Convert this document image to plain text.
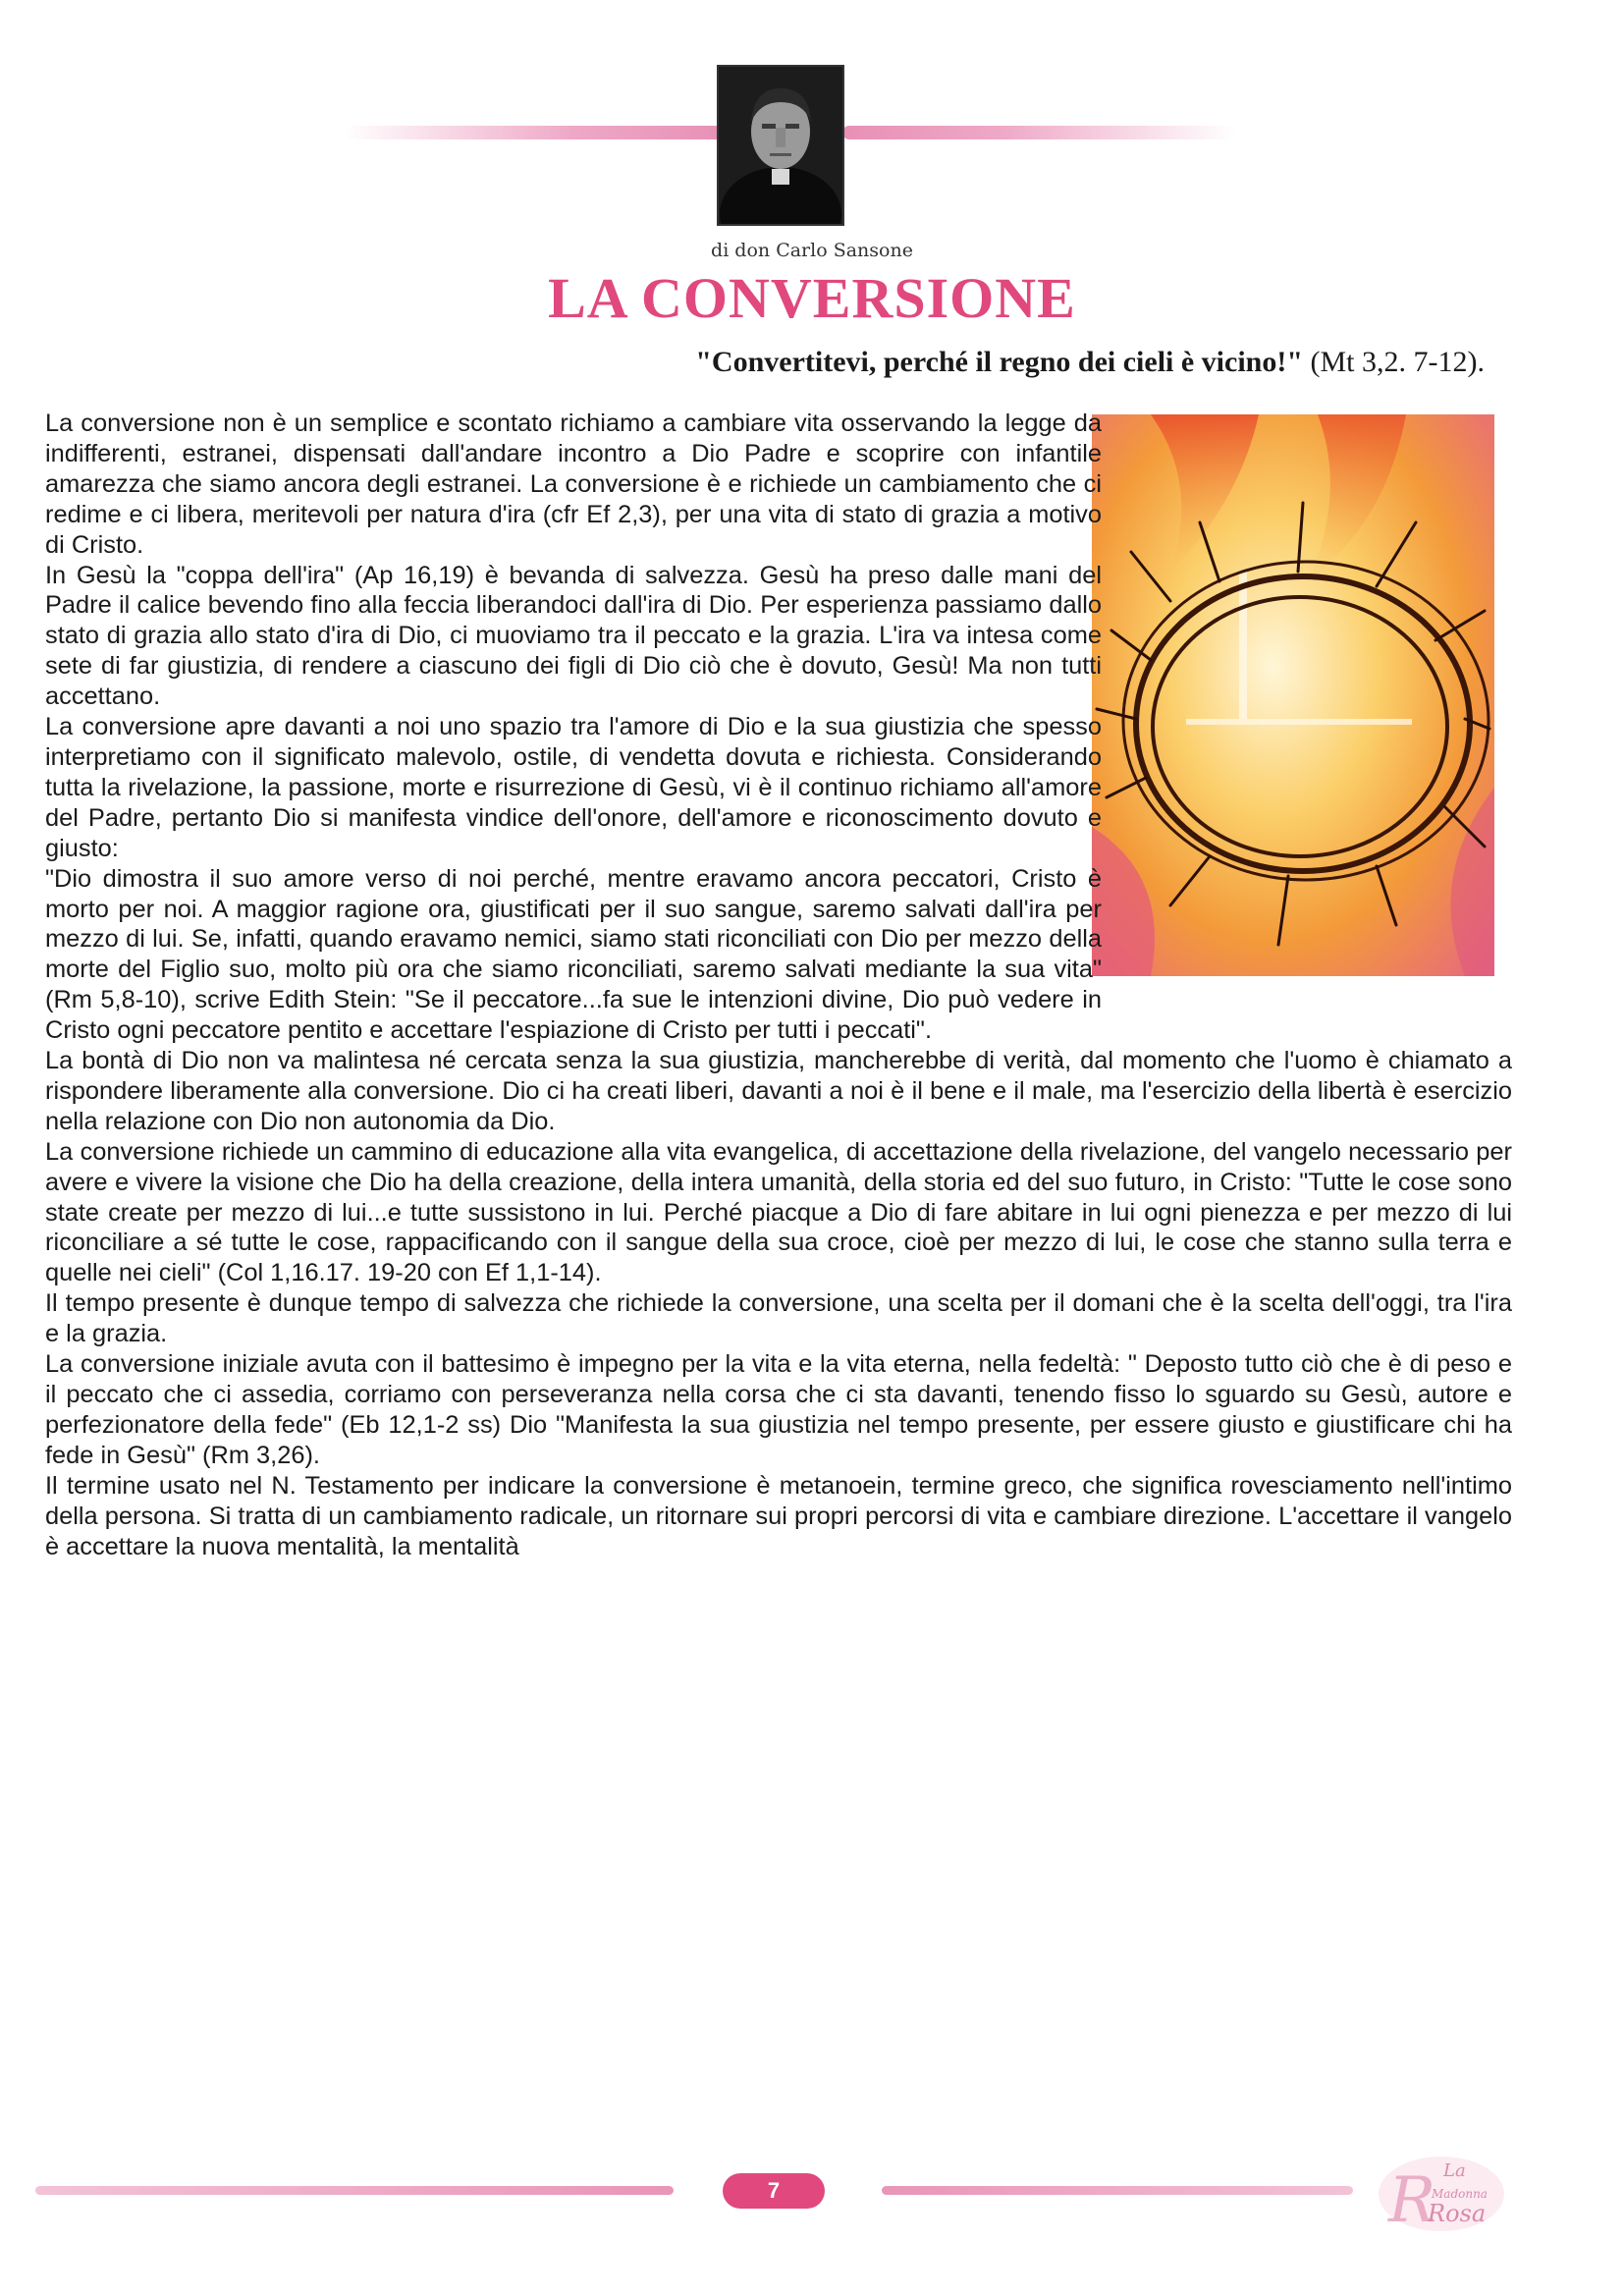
di don Carlo Sansone
LA CONVERSIONE
"Convertitevi, perché il regno dei cieli è vicino!" (Mt 3,2. 7-12).

La conversione non è un semplice e scontato richiamo a cambiare vita osservando la legge da indifferenti, estranei, dispensati dall'andare incontro a Dio Padre e scoprire con infantile amarezza che siamo ancora degli estranei. La conversione è e richiede un cambiamento che ci redime e ci libera, meritevoli per natura d'ira (cfr Ef 2,3), per una vita di stato di grazia a motivo di Cristo.

In Gesù la "coppa dell'ira" (Ap 16,19) è bevanda di salvezza. Gesù ha preso dalle mani del Padre il calice bevendo fino alla feccia liberandoci dall'ira di Dio. Per esperienza passiamo dallo stato di grazia allo stato d'ira di Dio, ci muoviamo tra il peccato e la grazia. L'ira va intesa come sete di far giustizia, di rendere a ciascuno dei figli di Dio ciò che è dovuto, Gesù! Ma non tutti accettano.

La conversione apre davanti a noi uno spazio tra l'amore di Dio e la sua giustizia che spesso interpretiamo con il significato malevolo, ostile, di vendetta dovuta e richiesta. Considerando tutta la rivelazione, la passione, morte e risurrezione di Gesù, vi è il continuo richiamo all'amore del Padre, pertanto Dio si manifesta vindice dell'onore, dell'amore e riconoscimento dovuto e giusto:

"Dio dimostra il suo amore verso di noi perché, mentre eravamo ancora peccatori, Cristo è morto per noi. A maggior ragione ora, giustificati per il suo sangue, saremo salvati dall'ira per mezzo di lui. Se, infatti, quando eravamo nemici, siamo stati riconciliati con Dio per mezzo della morte del Figlio suo, molto più ora che siamo riconciliati, saremo salvati mediante la sua vita" (Rm 5,8-10), scrive Edith Stein: "Se il peccatore...fa sue le intenzioni divine, Dio può vedere in Cristo ogni peccatore pentito e accettare l'espiazione di Cristo per tutti i peccati".

La bontà di Dio non va malintesa né cercata senza la sua giustizia, mancherebbe di verità, dal momento che l'uomo è chiamato a rispondere liberamente alla conversione. Dio ci ha creati liberi, davanti a noi è il bene e il male, ma l'esercizio della libertà è esercizio nella relazione con Dio non autonomia da Dio.

La conversione richiede un cammino di educazione alla vita evangelica, di accettazione della rivelazione, del vangelo necessario per avere e vivere la visione che Dio ha della creazione, della intera umanità, della storia ed del suo futuro, in Cristo: "Tutte le cose sono state create per mezzo di lui...e tutte sussistono in lui. Perché piacque a Dio di fare abitare in lui ogni pienezza e per mezzo di lui riconciliare a sé tutte le cose, rappacificando con il sangue della sua croce, cioè per mezzo di lui, le cose che stanno sulla terra e quelle nei cieli" (Col 1,16.17. 19-20 con Ef 1,1-14).

Il tempo presente è dunque tempo di salvezza che richiede la conversione, una scelta per il domani che è la scelta dell'oggi, tra l'ira e la grazia.

La conversione iniziale avuta con il battesimo è impegno per la vita e la vita eterna, nella fedeltà: " Deposto tutto ciò che è di peso e il peccato che ci assedia, corriamo con perseveranza nella corsa che ci sta davanti, tenendo fisso lo sguardo su Gesù, autore e perfezionatore della fede" (Eb 12,1-2 ss) Dio "Manifesta la sua giustizia nel tempo presente, per essere giusto e giustificare chi ha fede in Gesù" (Rm 3,26).

Il termine usato nel N. Testamento per indicare la conversione è metanoein, termine greco, che significa rovesciamento nell'intimo della persona. Si tratta di un cambiamento radicale, un ritornare sui propri percorsi di vita e cambiare direzione. L'accettare il vangelo è accettare la nuova mentalità, la mentalità

7	R La
Madonna
Rosa
